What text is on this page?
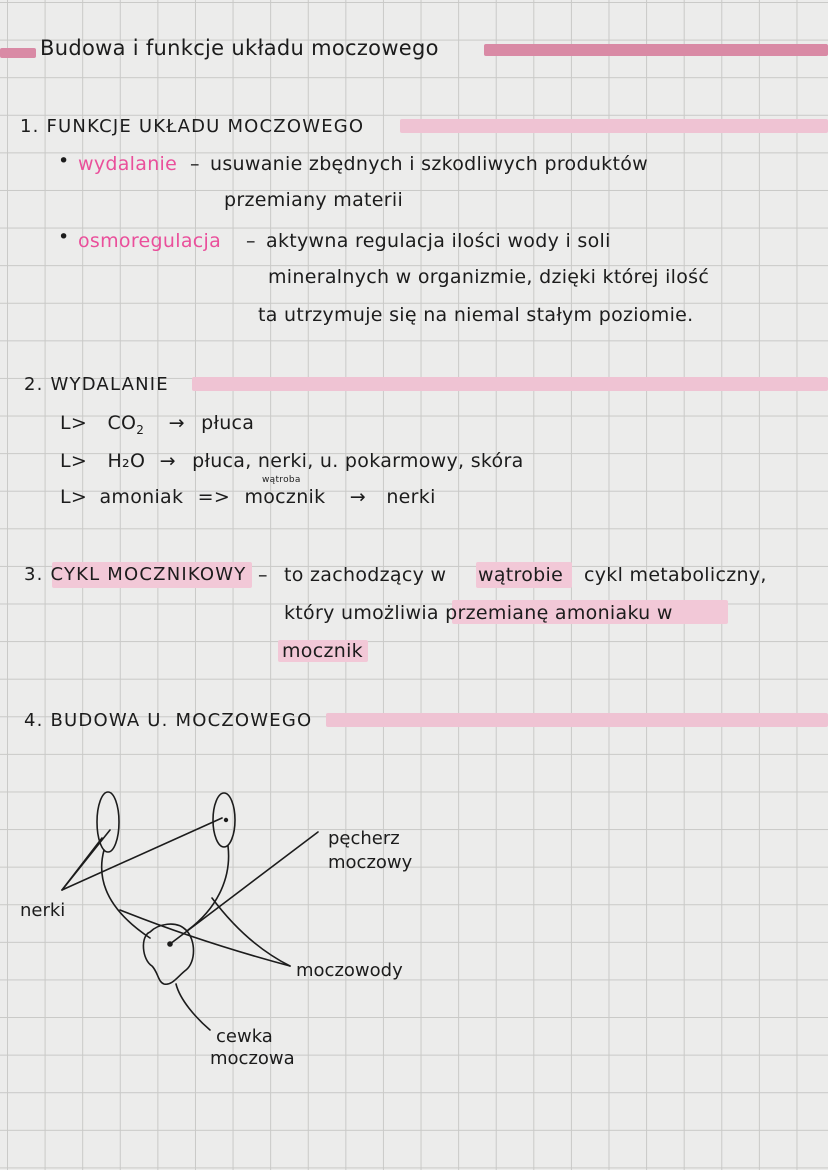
Budowa i funkcje układu moczowego
1. FUNKCJE UKŁADU MOCZOWEGO
• wydalanie – usuwanie zbędnych i szkodliwych produktów
przemiany materii
• osmoregulacja – aktywna regulacja ilości wody i soli
mineralnych w organizmie, dzięki której ilość
ta utrzymuje się na niemal stałym poziomie.
2. WYDALANIE
$L> CO_2$ → płuca
L> H₂O → płuca, nerki, u. pokarmowy, skóra
wątroba
L> amoniak => mocznik → nerki
3. CYKL MOCZNIKOWY – to zachodzący w wątrobie cykl metaboliczny,
który umożliwia przemianę amoniaku w
mocznik
4. BUDOWA U. MOCZOWEGO
pęcherz
moczowy
nerki
moczowody
cewka
moczowa
